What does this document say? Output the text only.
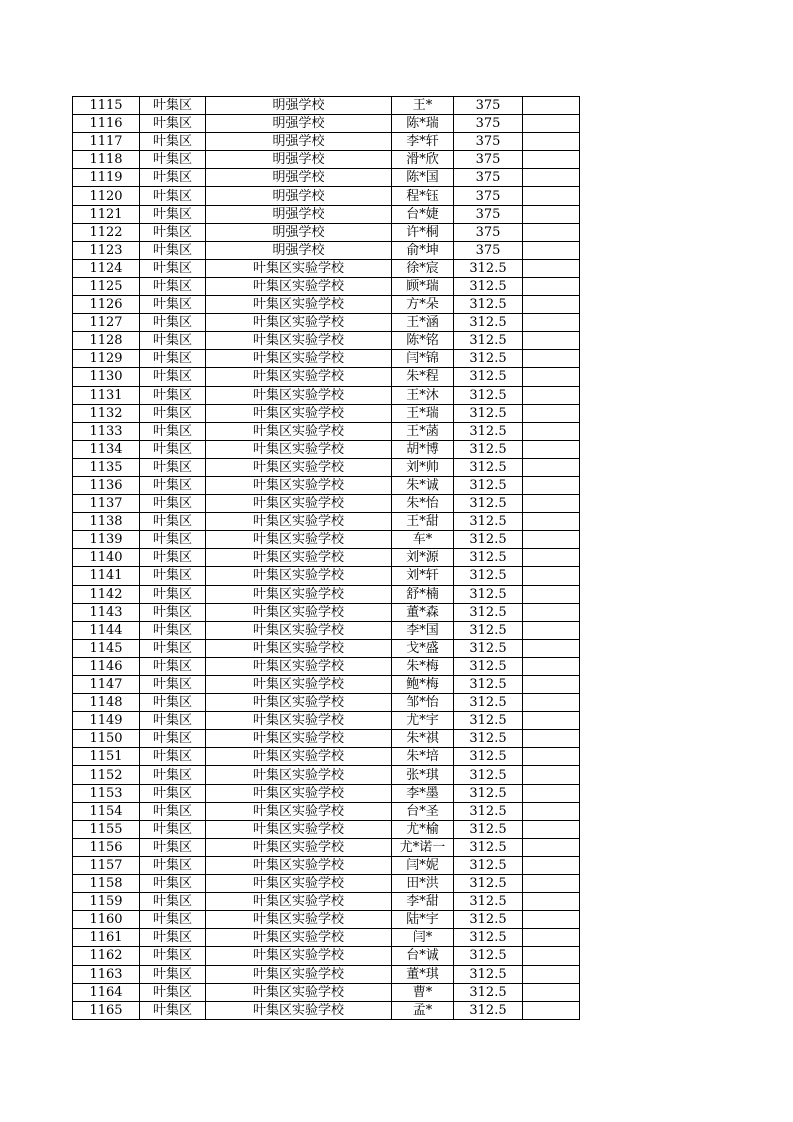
1115	叶集区	明强学校	王*	375	
1116	叶集区	明强学校	陈*瑞	375	
1117	叶集区	明强学校	李*轩	375	
1118	叶集区	明强学校	滑*欣	375	
1119	叶集区	明强学校	陈*国	375	
1120	叶集区	明强学校	程*钰	375	
1121	叶集区	明强学校	台*婕	375	
1122	叶集区	明强学校	许*桐	375	
1123	叶集区	明强学校	俞*坤	375	
1124	叶集区	叶集区实验学校	徐*宸	312.5	
1125	叶集区	叶集区实验学校	顾*瑞	312.5	
1126	叶集区	叶集区实验学校	方*朵	312.5	
1127	叶集区	叶集区实验学校	王*涵	312.5	
1128	叶集区	叶集区实验学校	陈*铭	312.5	
1129	叶集区	叶集区实验学校	闫*锦	312.5	
1130	叶集区	叶集区实验学校	朱*程	312.5	
1131	叶集区	叶集区实验学校	王*沐	312.5	
1132	叶集区	叶集区实验学校	王*瑞	312.5	
1133	叶集区	叶集区实验学校	王*菡	312.5	
1134	叶集区	叶集区实验学校	胡*博	312.5	
1135	叶集区	叶集区实验学校	刘*帅	312.5	
1136	叶集区	叶集区实验学校	朱*诚	312.5	
1137	叶集区	叶集区实验学校	朱*怡	312.5	
1138	叶集区	叶集区实验学校	王*甜	312.5	
1139	叶集区	叶集区实验学校	车*	312.5	
1140	叶集区	叶集区实验学校	刘*源	312.5	
1141	叶集区	叶集区实验学校	刘*轩	312.5	
1142	叶集区	叶集区实验学校	舒*楠	312.5	
1143	叶集区	叶集区实验学校	董*森	312.5	
1144	叶集区	叶集区实验学校	李*国	312.5	
1145	叶集区	叶集区实验学校	戈*盛	312.5	
1146	叶集区	叶集区实验学校	朱*梅	312.5	
1147	叶集区	叶集区实验学校	鲍*梅	312.5	
1148	叶集区	叶集区实验学校	邹*怡	312.5	
1149	叶集区	叶集区实验学校	尤*宇	312.5	
1150	叶集区	叶集区实验学校	朱*祺	312.5	
1151	叶集区	叶集区实验学校	朱*培	312.5	
1152	叶集区	叶集区实验学校	张*琪	312.5	
1153	叶集区	叶集区实验学校	李*墨	312.5	
1154	叶集区	叶集区实验学校	台*圣	312.5	
1155	叶集区	叶集区实验学校	尤*榆	312.5	
1156	叶集区	叶集区实验学校	尤*诺一	312.5	
1157	叶集区	叶集区实验学校	闫*妮	312.5	
1158	叶集区	叶集区实验学校	田*洪	312.5	
1159	叶集区	叶集区实验学校	李*甜	312.5	
1160	叶集区	叶集区实验学校	陆*宇	312.5	
1161	叶集区	叶集区实验学校	闫*	312.5	
1162	叶集区	叶集区实验学校	台*诚	312.5	
1163	叶集区	叶集区实验学校	董*琪	312.5	
1164	叶集区	叶集区实验学校	曹*	312.5	
1165	叶集区	叶集区实验学校	孟*	312.5	
